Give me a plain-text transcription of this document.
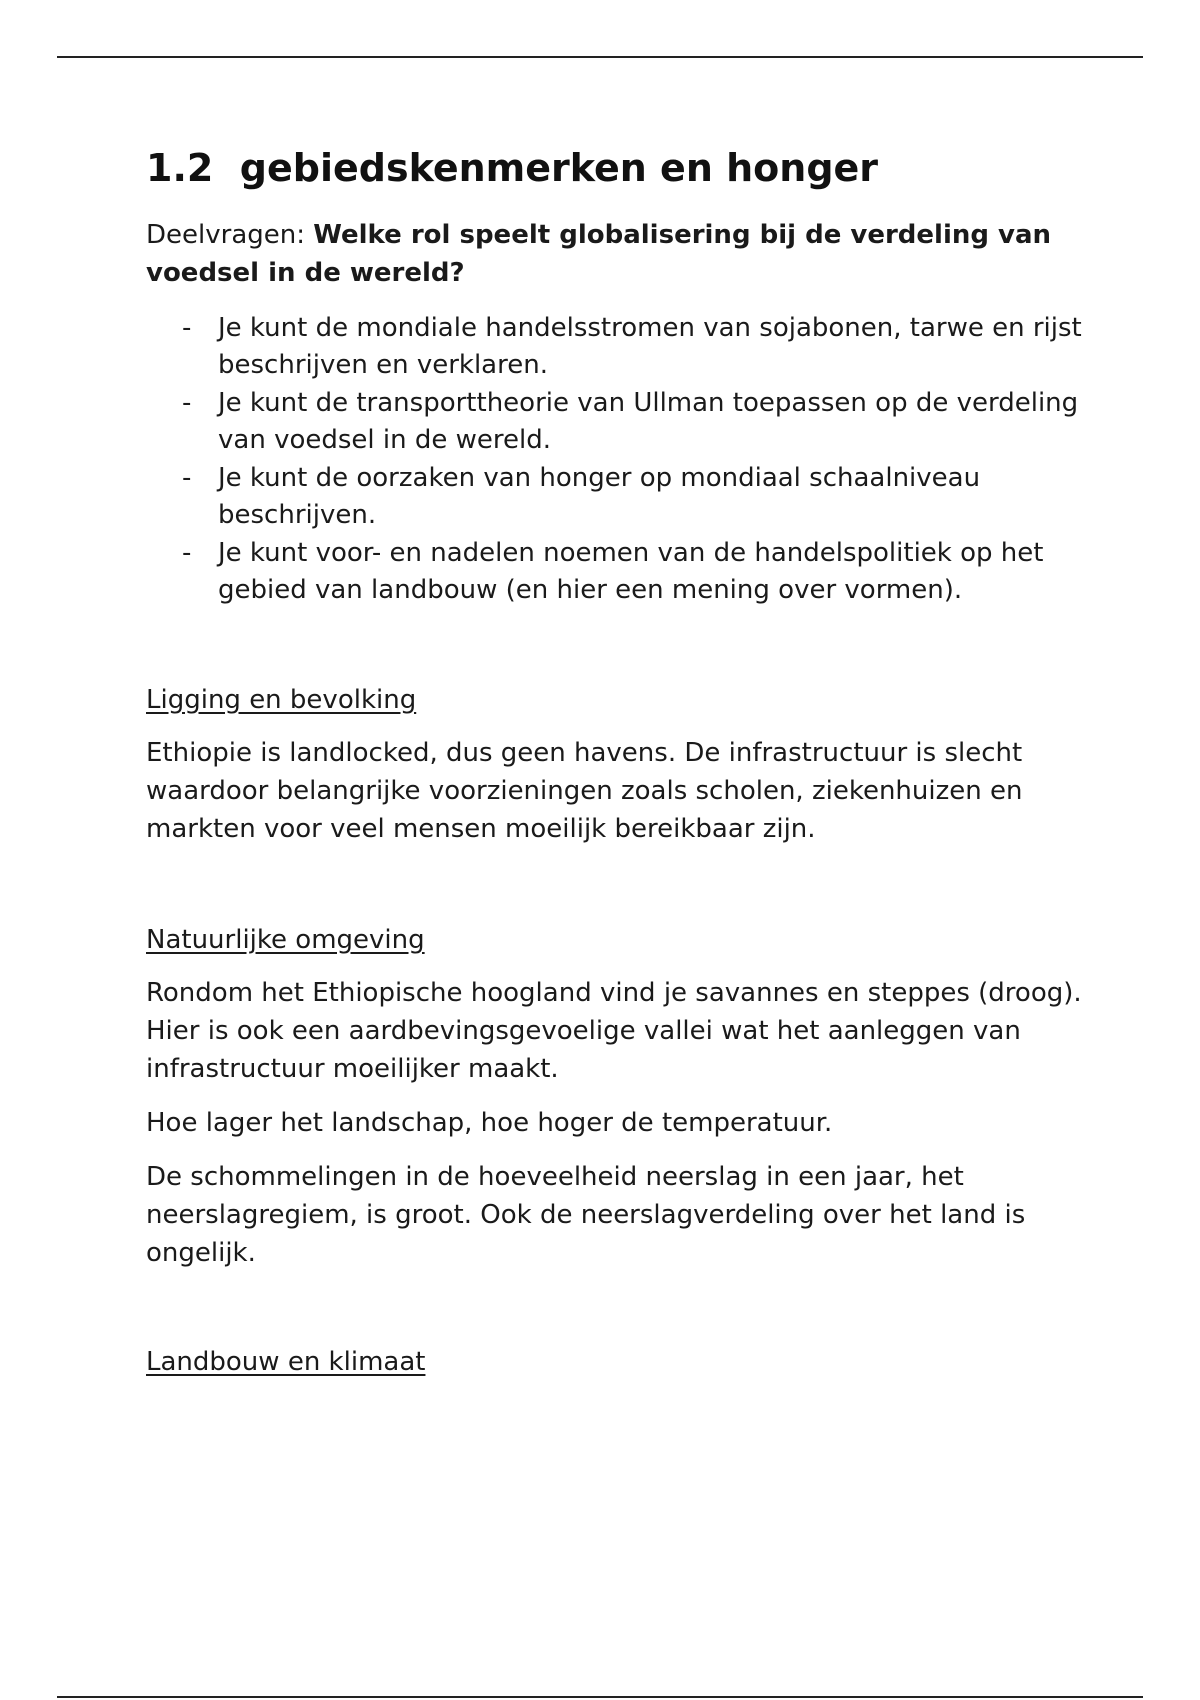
1.2  gebiedskenmerken en honger
Deelvragen: Welke rol speelt globalisering bij de verdeling van voedsel in de wereld?
- Je kunt de mondiale handelsstromen van sojabonen, tarwe en rijst beschrijven en verklaren.
- Je kunt de transporttheorie van Ullman toepassen op de verdeling van voedsel in de wereld.
- Je kunt de oorzaken van honger op mondiaal schaalniveau beschrijven.
- Je kunt voor- en nadelen noemen van de handelspolitiek op het gebied van landbouw (en hier een mening over vormen).
Ligging en bevolking

Ethiopie is landlocked, dus geen havens. De infrastructuur is slecht waardoor belangrijke voorzieningen zoals scholen, ziekenhuizen en markten voor veel mensen moeilijk bereikbaar zijn.

Natuurlijke omgeving

Rondom het Ethiopische hoogland vind je savannes en steppes (droog). Hier is ook een aardbevingsgevoelige vallei wat het aanleggen van infrastructuur moeilijker maakt.

Hoe lager het landschap, hoe hoger de temperatuur.

De schommelingen in de hoeveelheid neerslag in een jaar, het neerslagregiem, is groot. Ook de neerslagverdeling over het land is ongelijk.

Landbouw en klimaat
